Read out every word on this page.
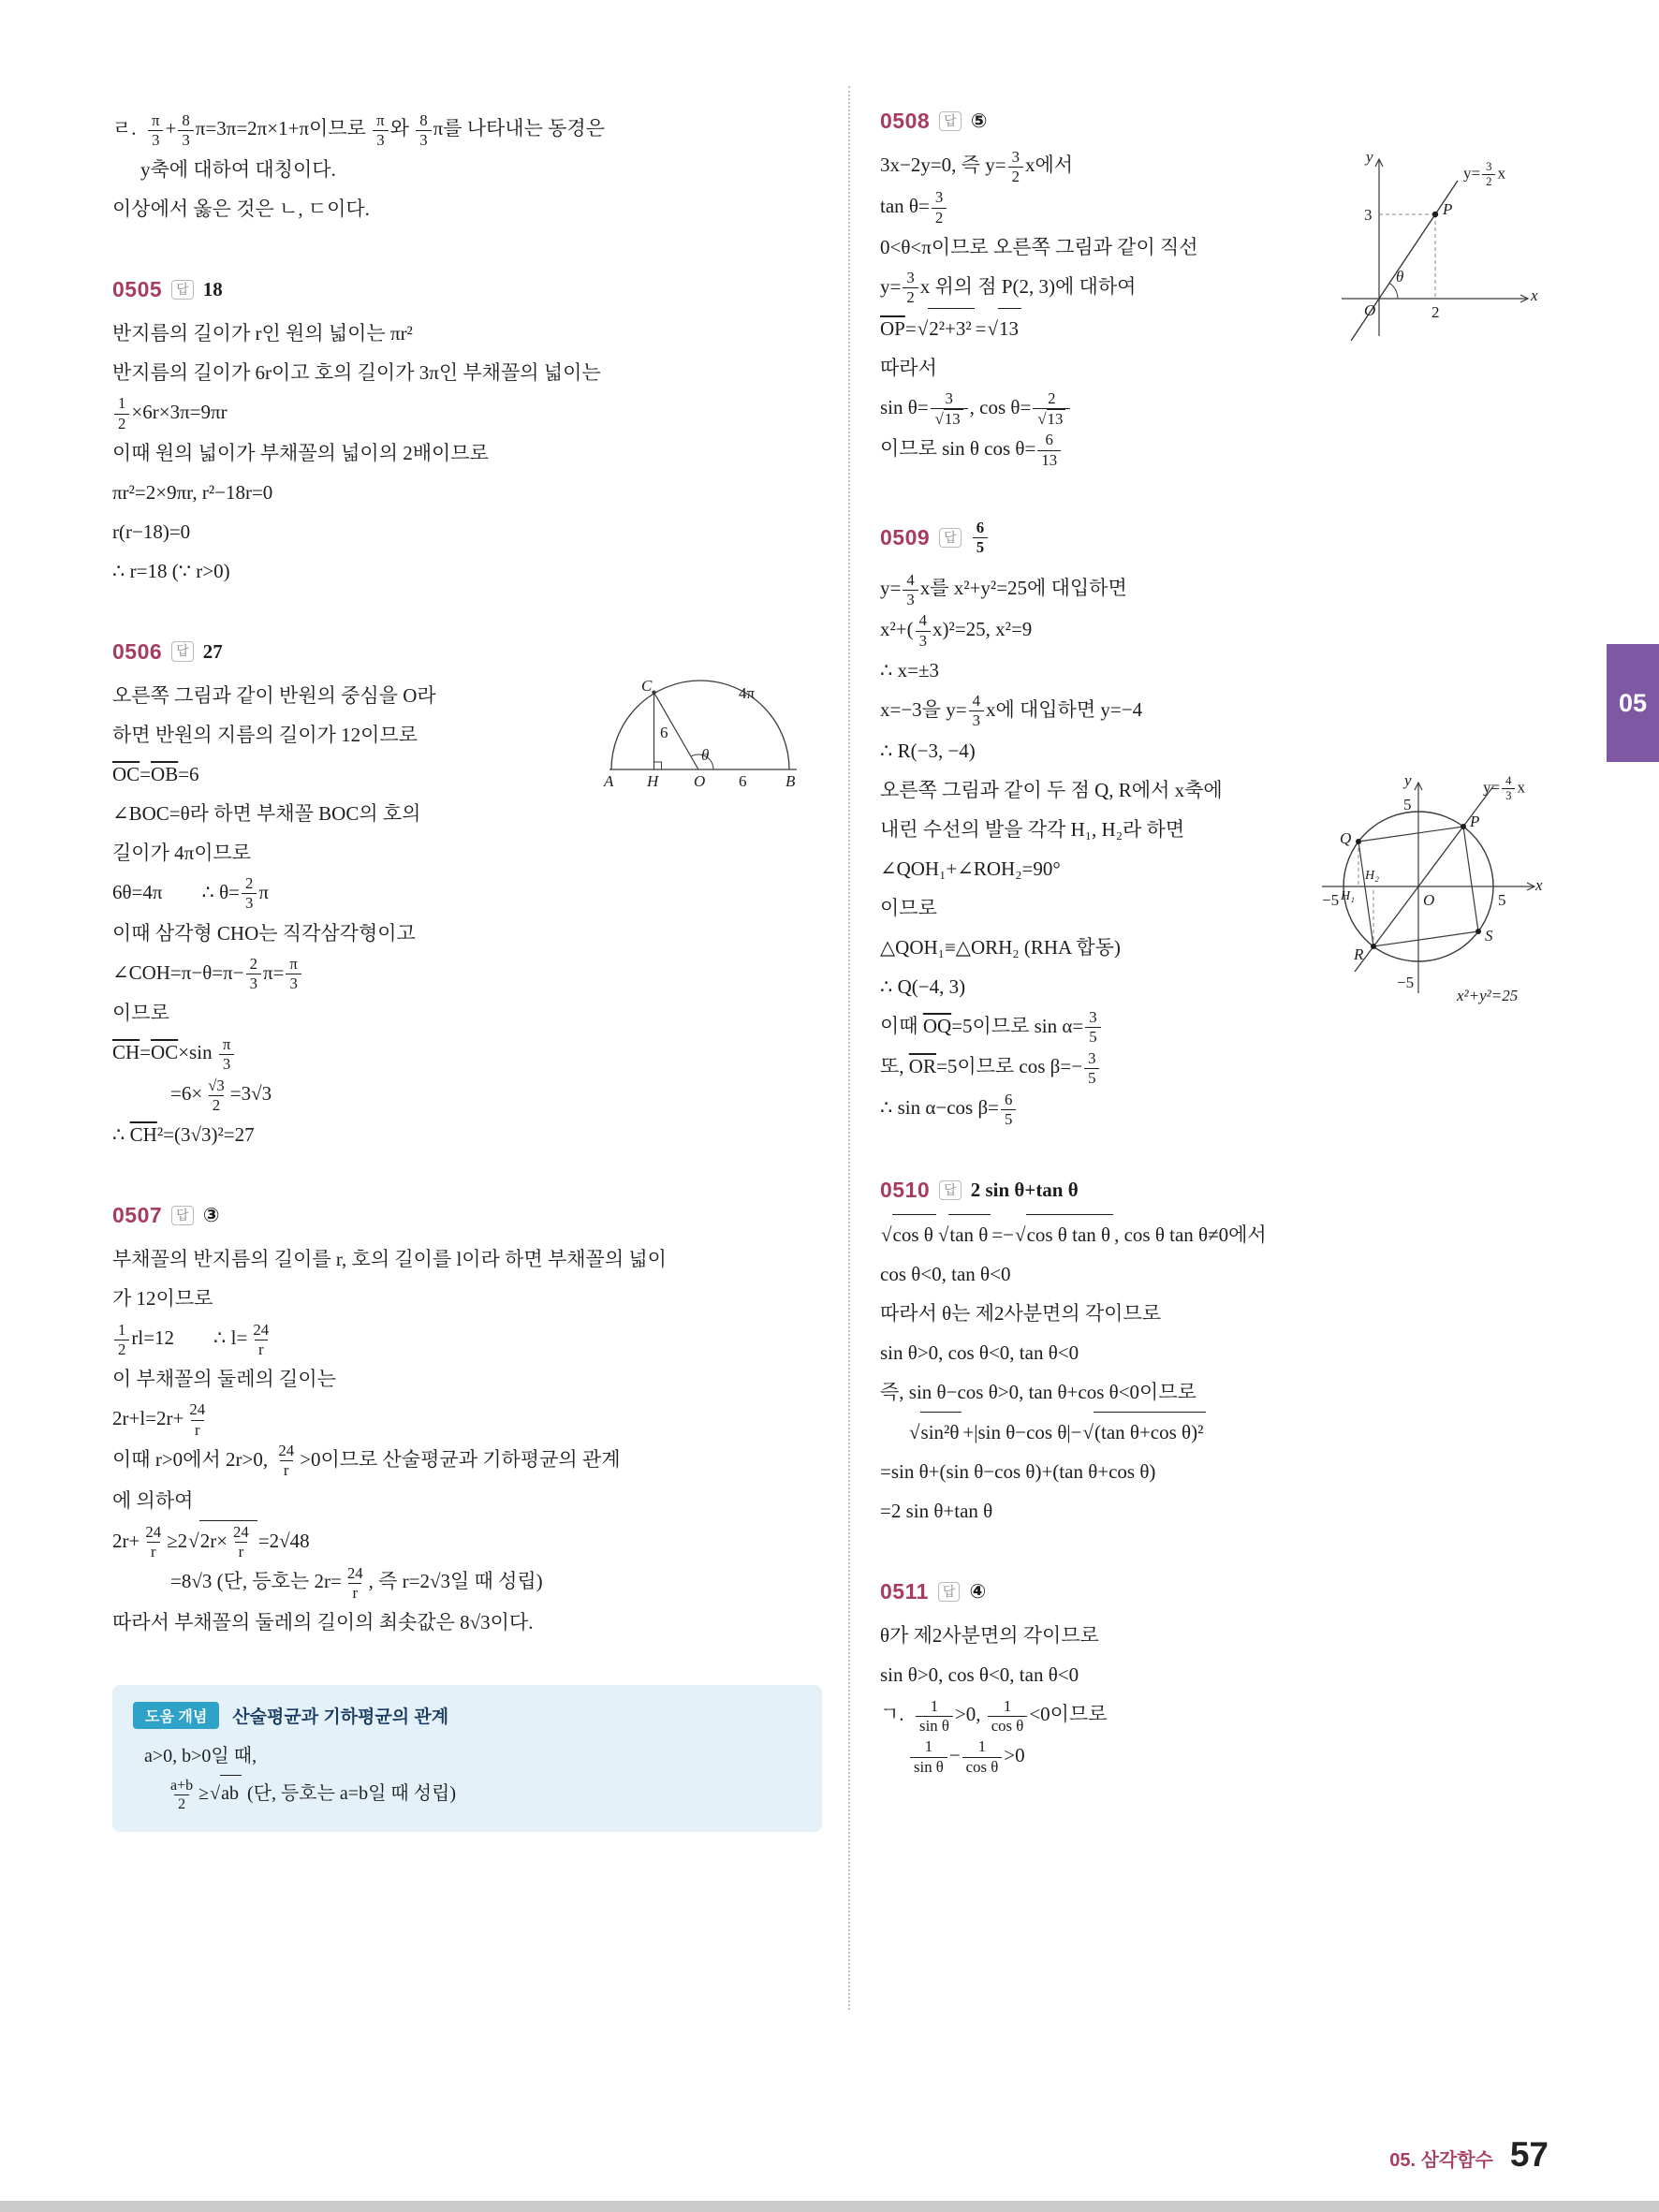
ㄹ.  $\frac{\pi}{3} + \frac{8}{3} \pi=3\pi=2\pi\times 1+\pi$이므로 $\frac{\pi}{3}$ 와 $\frac{8}{3}$ π를 나타내는 동경은
y축에 대하여 대칭이다.
이상에서 옳은 것은 ㄴ, ㄷ이다.
0505	답 18
반지름의 길이가 r인 원의 넓이는 πr²
반지름의 길이가 6r이고 호의 길이가 3π인 부채꼴의 넓이는
$\frac{1}{2} \times 6r\times 3\pi=9\pi r$
이때 원의 넓이가 부채꼴의 넓이의 2배이므로
πr²=2×9πr, r²−18r=0
r(r−18)=0
∴ r=18 (∵ r>0)
0506	답 27
C	4π
6
θ
A H O 6 B
오른쪽 그림과 같이 반원의 중심을 O라
하면 반원의 지름의 길이가 12이므로
$\overline{OC}=\overline{OB}=6$
∠BOC=θ라 하면 부채꼴 BOC의 호의
길이가 4π이므로
6θ=4π    ∴ $\theta= \frac{2}{3}$ π
이때 삼각형 CHO는 직각삼각형이고
∠COH=π−θ=π− $\frac{2}{3} \pi= \frac{\pi}{3}$
이므로
$\overline{CH}=\overline{OC}\times\sin \frac{\pi}{3}$
$=6\times \frac{√3}{2} =3√3$
∴ $\overline{CH}^2=(3√3)^2=27$
0507	답 ③
부채꼴의 반지름의 길이를 r, 호의 길이를 l이라 하면 부채꼴의 넓이
가 12이므로
$\frac{1}{2} rl=12$    ∴ $l= \frac{24}{r}$
이 부채꼴의 둘레의 길이는
$2r+l=2r+ \frac{24}{r}$
이때 r>0에서 2r>0, $\frac{24}{r} >0$이므로 산술평균과 기하평균의 관계
에 의하여
$2r+ \frac{24}{r} \ge 2√2r\times \frac{24}{r} =2√48$
=8√3 (단, 등호는 $2r= \frac{24}{r}$ , 즉 r=2√3일 때 성립)
따라서 부채꼴의 둘레의 길이의 최솟값은 8√3이다.
도움 개념	산술평균과 기하평균의 관계
a>0, b>0일 때,
$\frac{a+b}{2} \ge√ab$ (단, 등호는 a=b일 때 성립)
0508	답 ⑤
y
x
O
3
2
P
θ
$y= \frac{3}{2}$ x
3x−2y=0, 즉 $y= \frac{3}{2}$ x에서
$\tan \theta= \frac{3}{2}$
0<θ<π이므로 오른쪽 그림과 같이 직선
$y= \frac{3}{2}$ x 위의 점 P(2, 3)에 대하여
$\overline{OP}=√2^2+3^2 =√13$
따라서
$\sin \theta= \frac{3}{√13}$ , $\cos \theta= \frac{2}{√13}$
이므로 sin θ $\cos \theta= \frac{6}{13}$
0509	답 $\frac{6}{5}$
$y= \frac{4}{3}$ x를 x²+y²=25에 대입하면
$x^2+( \frac{4}{3} x)^2=25$, x²=9
∴ x=±3
x=−3을 $y= \frac{4}{3}$ x에 대입하면 y=−4
∴ R(−3, −4)
y
x
O
5
5
−5
−5
Q
P
R
S
H₁
H₂
$y= \frac{4}{3}$ x
x²+y²=25
오른쪽 그림과 같이 두 점 Q, R에서 x축에
내린 수선의 발을 각각 H₁, H₂라 하면
∠QOH₁+∠ROH₂=90°
이므로
△QOH₁≡△ORH₂ (RHA 합동)
∴ Q(−4, 3)
이때 $\overline{OQ}=5$이므로 $\sin \alpha= \frac{3}{5}$
또, $\overline{OR}=5$이므로 $\cos \beta=- \frac{3}{5}$
∴ sin α−cos $\beta= \frac{6}{5}$
0510	답 2 sin θ+tan θ
√cos θ √tan θ =−√cos θ tan θ , cos θ tan θ≠0에서
cos θ<0, tan θ<0
따라서 θ는 제2사분면의 각이므로
sin θ>0, cos θ<0, tan θ<0
즉, sin θ−cos θ>0, tan θ+cos θ<0이므로
√sin²θ +|sin θ−cos θ|−√(tan θ+cos θ)²
=sin θ+(sin θ−cos θ)+(tan θ+cos θ)
=2 sin θ+tan θ
0511	답 ④
θ가 제2사분면의 각이므로
sin θ>0, cos θ<0, tan θ<0
ㄱ.  $\frac{1}{\text{sin θ}} >0$, $\frac{1}{\text{cos θ}} <0$이므로
$\frac{1}{\text{sin θ}} - \frac{1}{\text{cos θ}} >0$
05
05. 삼각함수 57
